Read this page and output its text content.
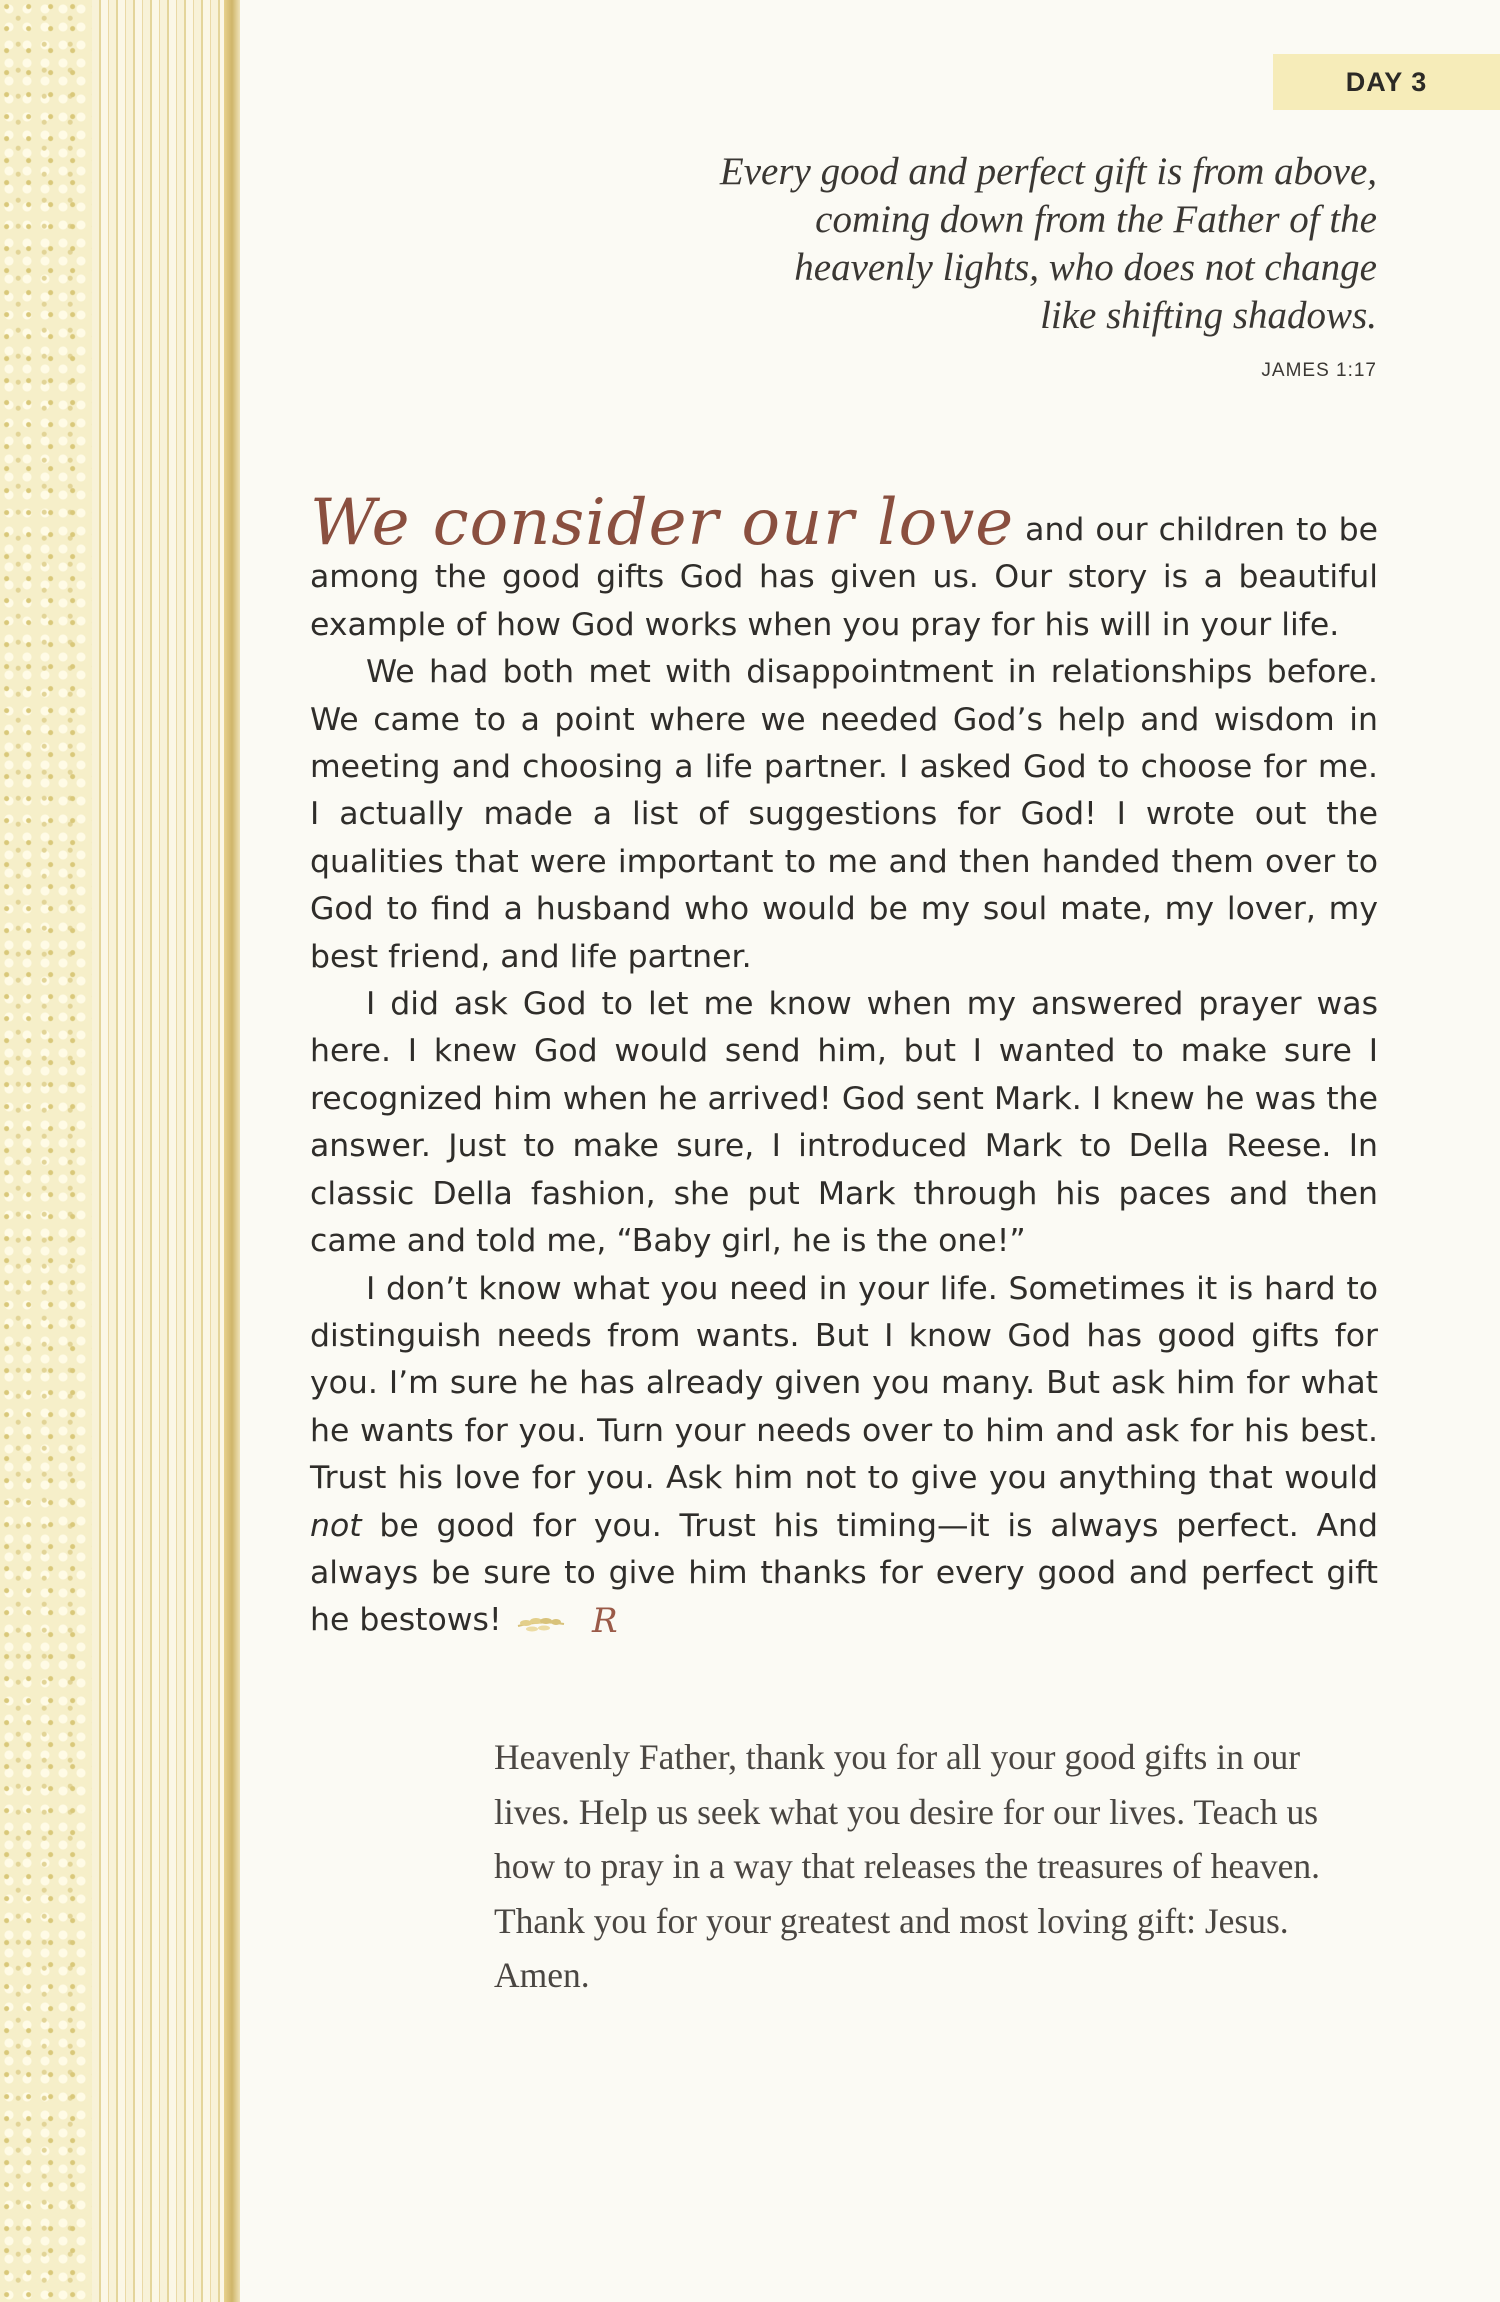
DAY 3
Every good and perfect gift is from above,
coming down from the Father of the
heavenly lights, who does not change
like shifting shadows.
JAMES 1:17

We consider our love and our children to be among the good gifts God has given us. Our story is a beautiful example of how God works when you pray for his will in your life.

We had both met with disappointment in relationships before. We came to a point where we needed God’s help and wisdom in meeting and choosing a life partner. I asked God to choose for me. I actually made a list of suggestions for God! I wrote out the qualities that were important to me and then handed them over to God to find a husband who would be my soul mate, my lover, my best friend, and life partner.

I did ask God to let me know when my answered prayer was here. I knew God would send him, but I wanted to make sure I recognized him when he arrived! God sent Mark. I knew he was the answer. Just to make sure, I introduced Mark to Della Reese. In classic Della fashion, she put Mark through his paces and then came and told me, “Baby girl, he is the one!”

I don’t know what you need in your life. Sometimes it is hard to distinguish needs from wants. But I know God has good gifts for you. I’m sure he has already given you many. But ask him for what he wants for you. Turn your needs over to him and ask for his best. Trust his love for you. Ask him not to give you anything that would not be good for you. Trust his timing—it is always perfect. And always be sure to give him thanks for every good and perfect gift he bestows!	R

Heavenly Father, thank you for all your good gifts in our lives. Help us seek what you desire for our lives. Teach us how to pray in a way that releases the treasures of heaven. Thank you for your greatest and most loving gift: Jesus. Amen.
